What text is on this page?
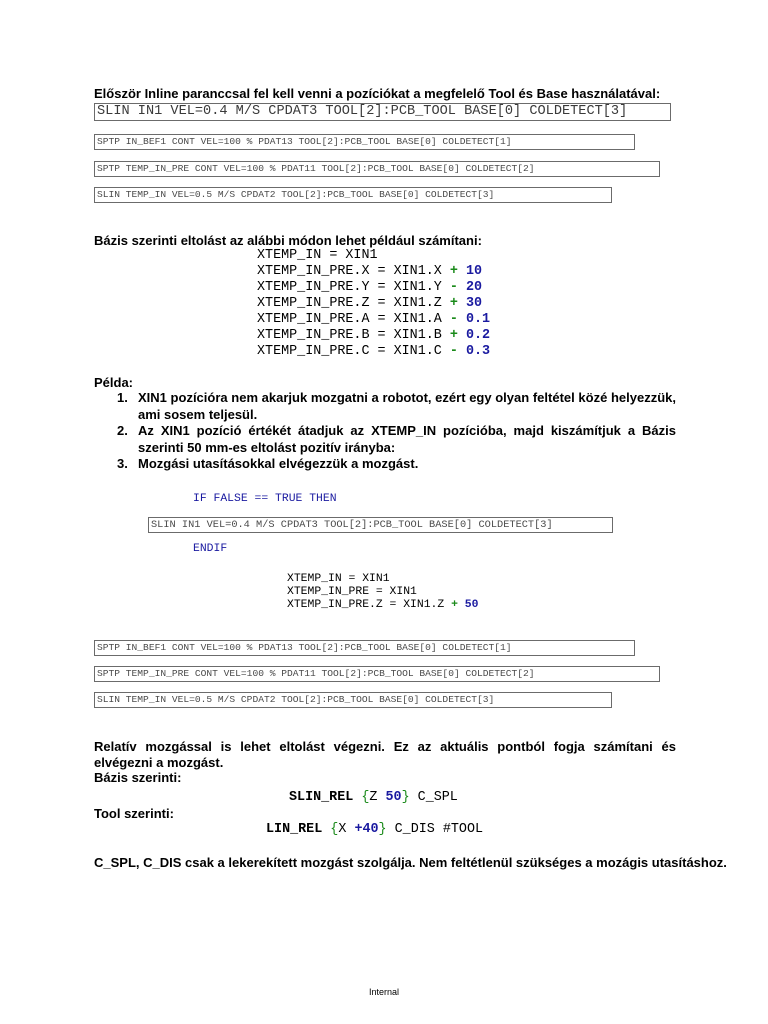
Először Inline paranccsal fel kell venni a pozíciókat a megfelelő Tool és Base használatával:
SLIN IN1 VEL=0.4 M/S CPDAT3 TOOL[2]:PCB_TOOL BASE[0] COLDETECT[3]
SPTP IN_BEF1 CONT VEL=100 % PDAT13 TOOL[2]:PCB_TOOL BASE[0] COLDETECT[1]
SPTP TEMP_IN_PRE CONT VEL=100 % PDAT11 TOOL[2]:PCB_TOOL BASE[0] COLDETECT[2]
SLIN TEMP_IN VEL=0.5 M/S CPDAT2 TOOL[2]:PCB_TOOL BASE[0] COLDETECT[3]
Bázis szerinti eltolást az alábbi módon lehet például számítani:
XTEMP_IN = XIN1
XTEMP_IN_PRE.X = XIN1.X + 10
XTEMP_IN_PRE.Y = XIN1.Y - 20
XTEMP_IN_PRE.Z = XIN1.Z + 30
XTEMP_IN_PRE.A = XIN1.A - 0.1
XTEMP_IN_PRE.B = XIN1.B + 0.2
XTEMP_IN_PRE.C = XIN1.C - 0.3
Példa:
1. XIN1 pozícióra nem akarjuk mozgatni a robotot, ezért egy olyan feltétel közé helyezzük, ami sosem teljesül.
2. Az XIN1 pozíció értékét átadjuk az XTEMP_IN pozícióba, majd kiszámítjuk a Bázis szerinti 50 mm-es eltolást pozitív irányba:
3. Mozgási utasításokkal elvégezzük a mozgást.
IF FALSE == TRUE THEN
SLIN IN1 VEL=0.4 M/S CPDAT3 TOOL[2]:PCB_TOOL BASE[0] COLDETECT[3]
ENDIF
XTEMP_IN = XIN1
XTEMP_IN_PRE = XIN1
XTEMP_IN_PRE.Z = XIN1.Z + 50
SPTP IN_BEF1 CONT VEL=100 % PDAT13 TOOL[2]:PCB_TOOL BASE[0] COLDETECT[1]
SPTP TEMP_IN_PRE CONT VEL=100 % PDAT11 TOOL[2]:PCB_TOOL BASE[0] COLDETECT[2]
SLIN TEMP_IN VEL=0.5 M/S CPDAT2 TOOL[2]:PCB_TOOL BASE[0] COLDETECT[3]
Relatív mozgással is lehet eltolást végezni. Ez az aktuális pontból fogja számítani és elvégezni a mozgást.
Bázis szerinti:
SLIN_REL {Z 50} C_SPL
Tool szerinti:
LIN_REL {X +40} C_DIS #TOOL
C_SPL, C_DIS csak a lekerekített mozgást szolgálja. Nem feltétlenül szükséges a mozágis utasításhoz.
Internal
